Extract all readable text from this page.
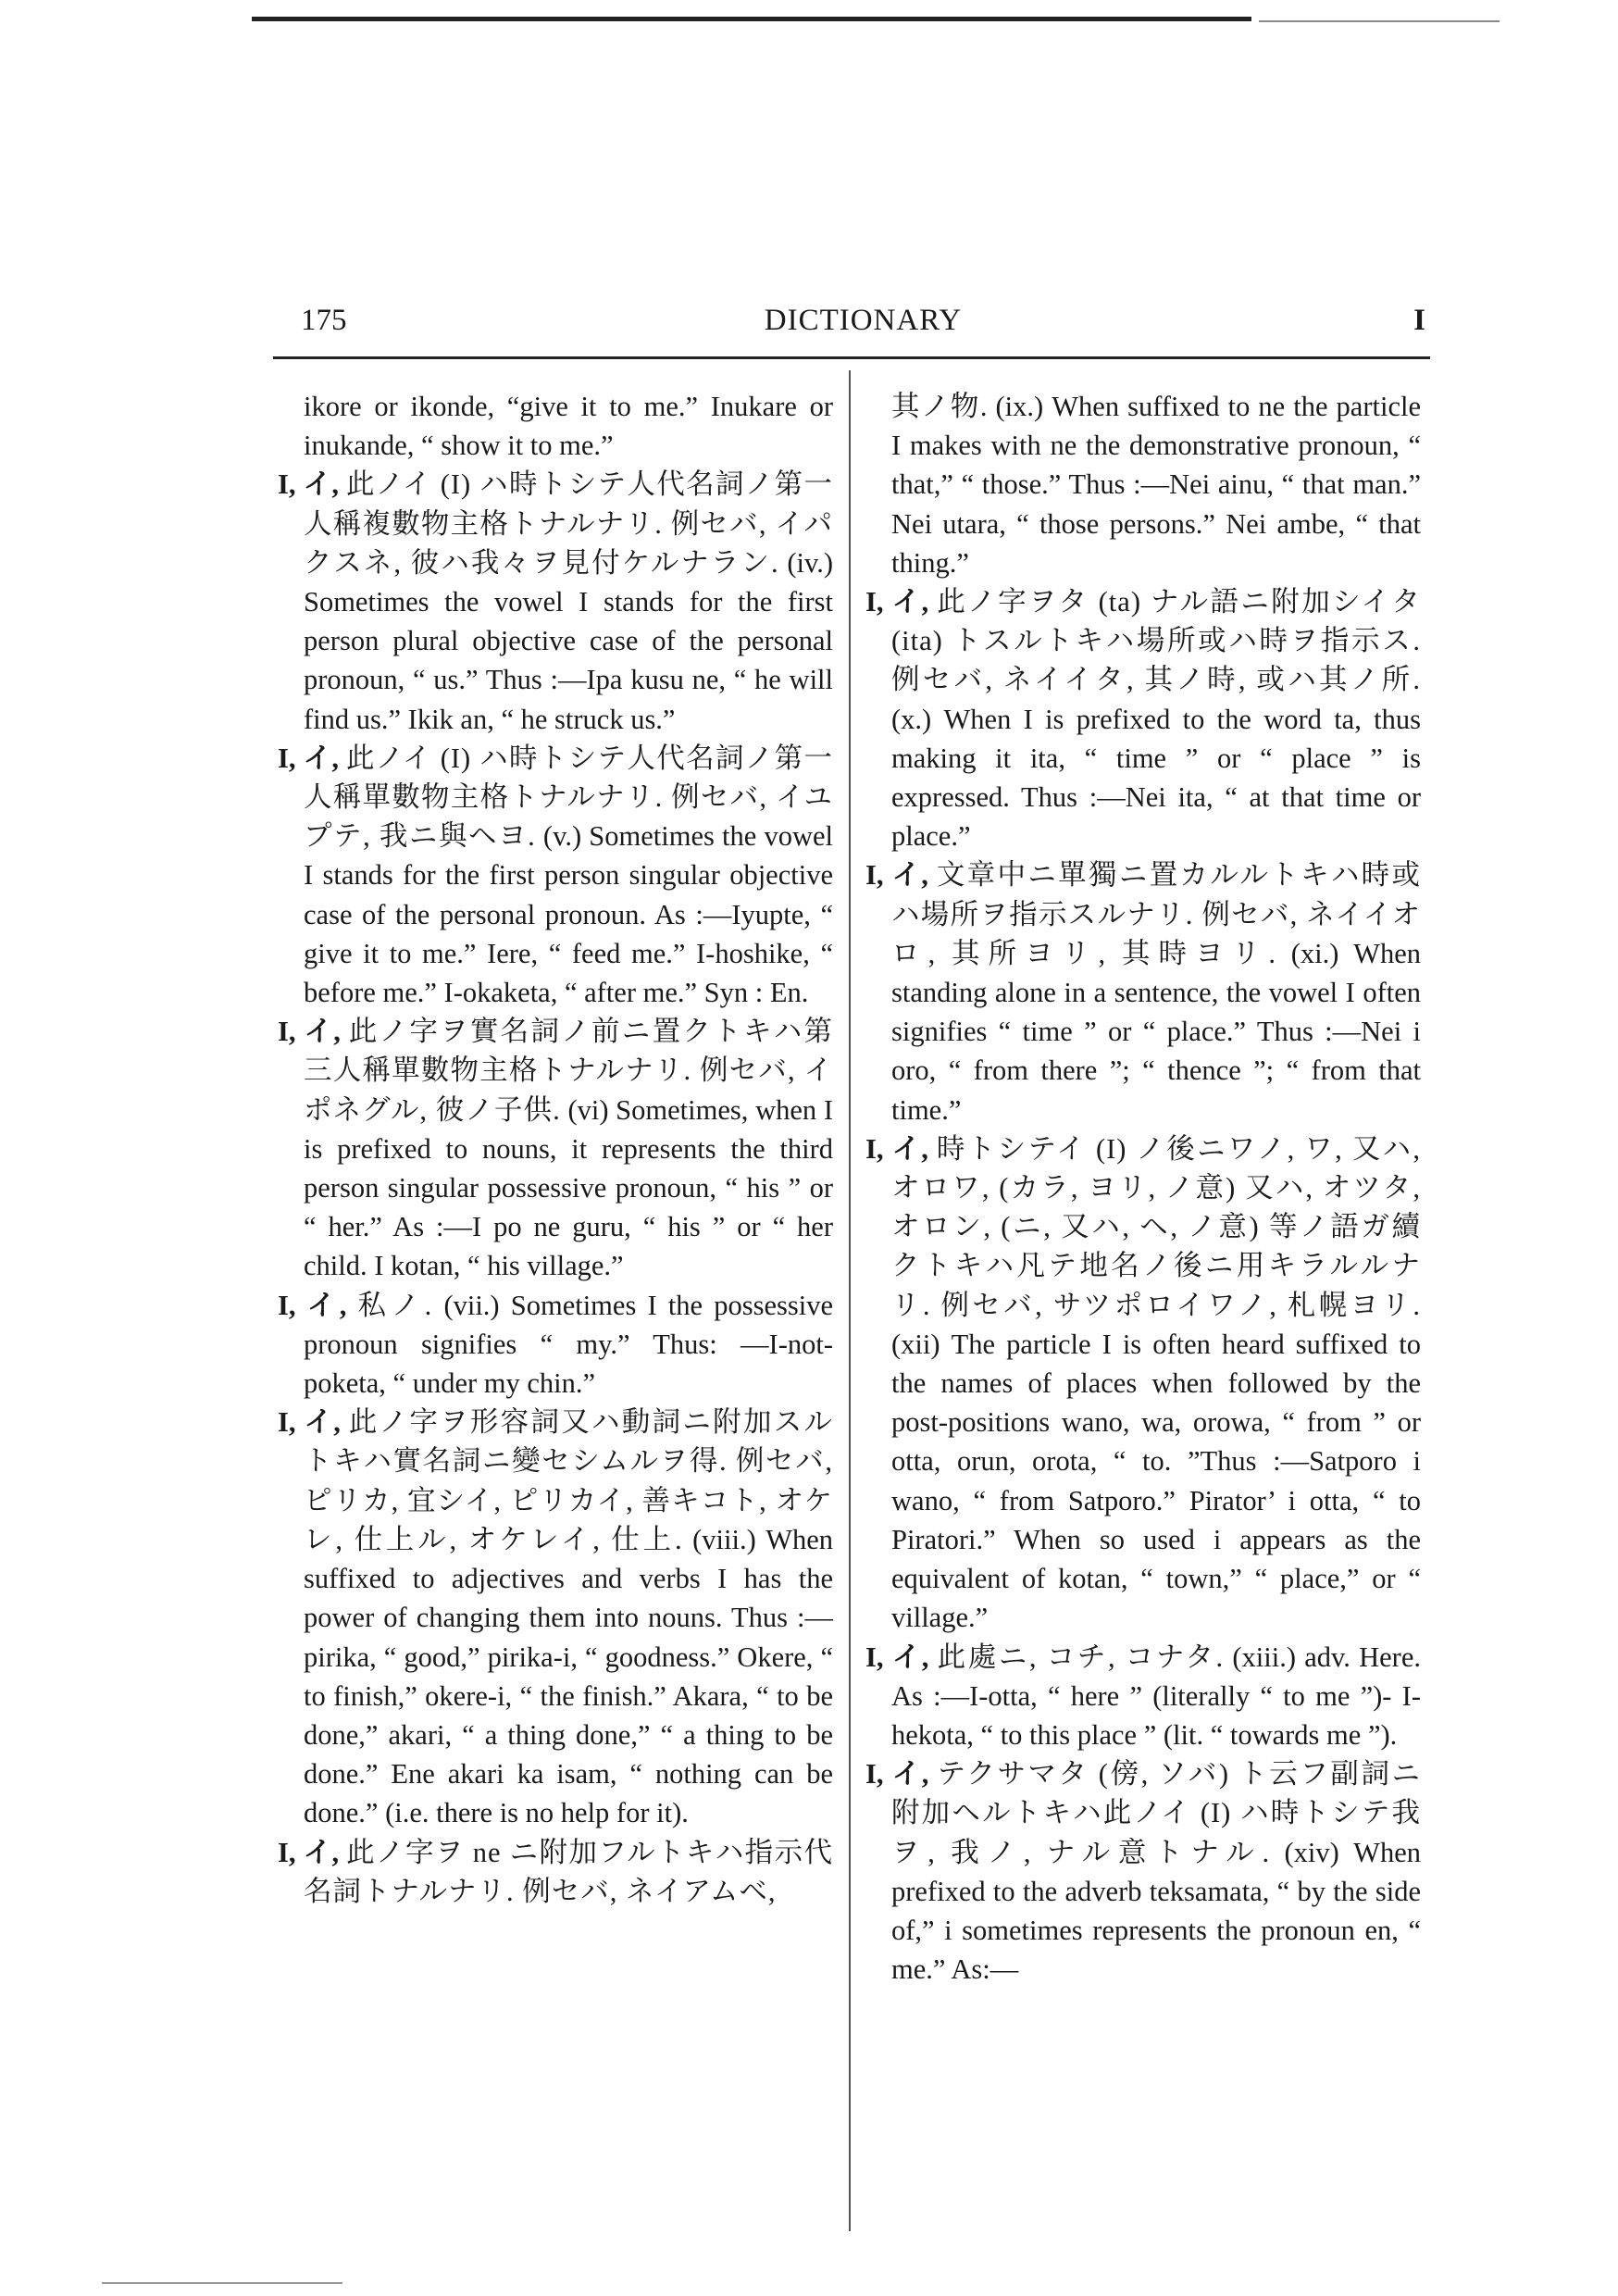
175	DICTIONARY	I

ikore or ikonde, “give it to me.” Inukare or inukande, “ show it to me.”

I, イ, 此ノイ (I) ハ時トシテ人代名詞ノ第一人稱複數物主格トナルナリ. 例セバ, イパクスネ, 彼ハ我々ヲ見付ケルナラン. (iv.) Sometimes the vowel I stands for the first person plural objective case of the personal pronoun, “ us.” Thus :—Ipa kusu ne, “ he will find us.” Ikik an, “ he struck us.”

I, イ, 此ノイ (I) ハ時トシテ人代名詞ノ第一人稱單數物主格トナルナリ. 例セバ, イユプテ, 我ニ與ヘヨ. (v.) Sometimes the vowel I stands for the first person singular objective case of the personal pronoun. As :—Iyupte, “ give it to me.” Iere, “ feed me.” I-hoshike, “ before me.” I-okaketa, “ after me.” Syn : En.

I, イ, 此ノ字ヲ實名詞ノ前ニ置クトキハ第三人稱單數物主格トナルナリ. 例セバ, イポネグル, 彼ノ子供. (vi) Sometimes, when I is prefixed to nouns, it represents the third person singular possessive pronoun, “ his ” or “ her.” As :—I po ne guru, “ his ” or “ her child. I kotan, “ his village.”

I, イ, 私ノ. (vii.) Sometimes I the possessive pronoun signifies “ my.” Thus: —I-not-poketa, “ under my chin.”

I, イ, 此ノ字ヲ形容詞又ハ動詞ニ附加スルトキハ實名詞ニ變セシムルヲ得. 例セバ, ピリカ, 宜シイ, ピリカイ, 善キコト, オケレ, 仕上ル, オケレイ, 仕上. (viii.) When suffixed to adjectives and verbs I has the power of changing them into nouns. Thus :—pirika, “ good,” pirika-i, “ goodness.” Okere, “ to finish,” okere-i, “ the finish.” Akara, “ to be done,” akari, “ a thing done,” “ a thing to be done.” Ene akari ka isam, “ nothing can be done.” (i.e. there is no help for it).

I, イ, 此ノ字ヲ ne ニ附加フルトキハ指示代名詞トナルナリ. 例セバ, ネイアムベ,

其ノ物. (ix.) When suffixed to ne the particle I makes with ne the demonstrative pronoun, “ that,” “ those.” Thus :—Nei ainu, “ that man.” Nei utara, “ those persons.” Nei ambe, “ that thing.”

I, イ, 此ノ字ヲタ (ta) ナル語ニ附加シイタ (ita) トスルトキハ場所或ハ時ヲ指示ス. 例セバ, ネイイタ, 其ノ時, 或ハ其ノ所. (x.) When I is prefixed to the word ta, thus making it ita, “ time ” or “ place ” is expressed. Thus :—Nei ita, “ at that time or place.”

I, イ, 文章中ニ單獨ニ置カルルトキハ時或ハ場所ヲ指示スルナリ. 例セバ, ネイイオロ, 其所ヨリ, 其時ヨリ. (xi.) When standing alone in a sentence, the vowel I often signifies “ time ” or “ place.” Thus :—Nei i oro, “ from there ”; “ thence ”; “ from that time.”

I, イ, 時トシテイ (I) ノ後ニワノ, ワ, 又ハ, オロワ, (カラ, ヨリ, ノ意) 又ハ, オツタ, オロン, (ニ, 又ハ, ヘ, ノ意) 等ノ語ガ續クトキハ凡テ地名ノ後ニ用キラルルナリ. 例セバ, サツポロイワノ, 札幌ヨリ. (xii) The particle I is often heard suffixed to the names of places when followed by the post-positions wano, wa, orowa, “ from ” or otta, orun, orota, “ to. ”Thus :—Satporo i wano, “ from Satporo.” Pirator’ i otta, “ to Piratori.” When so used i appears as the equivalent of kotan, “ town,” “ place,” or “ village.”

I, イ, 此處ニ, コチ, コナタ. (xiii.) adv. Here. As :—I-otta, “ here ” (literally “ to me ”)- I-hekota, “ to this place ” (lit. “ towards me ”).

I, イ, テクサマタ (傍, ソバ) ト云フ副詞ニ附加ヘルトキハ此ノイ (I) ハ時トシテ我ヲ, 我ノ, ナル意トナル. (xiv) When prefixed to the adverb teksamata, “ by the side of,” i sometimes represents the pronoun en, “ me.” As:—
